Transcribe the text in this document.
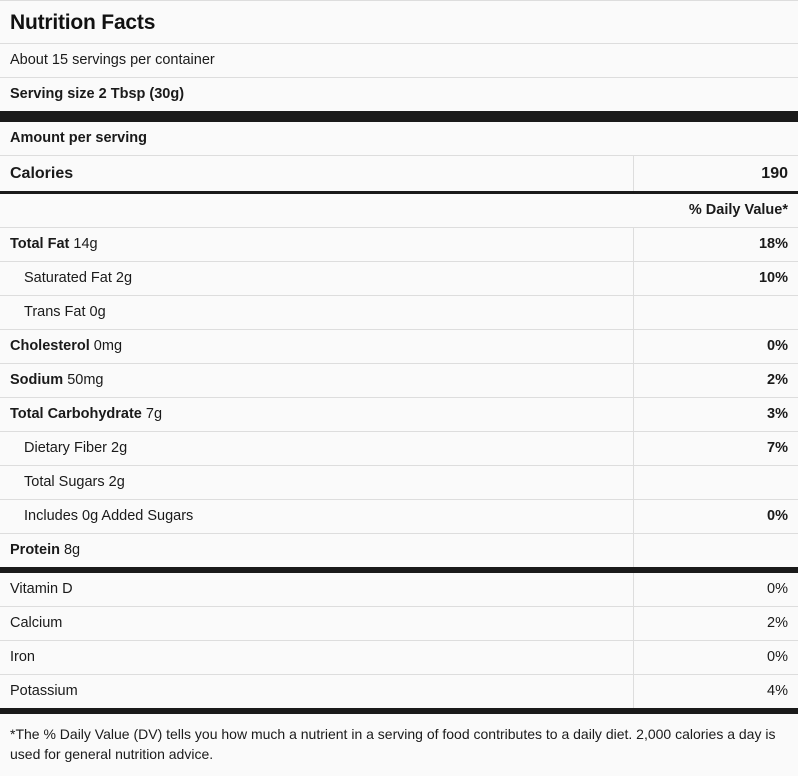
Nutrition Facts
About 15 servings per container
Serving size 2 Tbsp (30g)
Amount per serving
Calories	190
% Daily Value*
Total Fat 14g	18%
Saturated Fat 2g	10%
Trans Fat 0g
Cholesterol 0mg	0%
Sodium 50mg	2%
Total Carbohydrate 7g	3%
Dietary Fiber 2g	7%
Total Sugars 2g
Includes 0g Added Sugars	0%
Protein 8g
Vitamin D	0%
Calcium	2%
Iron	0%
Potassium	4%
*The % Daily Value (DV) tells you how much a nutrient in a serving of food contributes to a daily diet. 2,000 calories a day is used for general nutrition advice.
